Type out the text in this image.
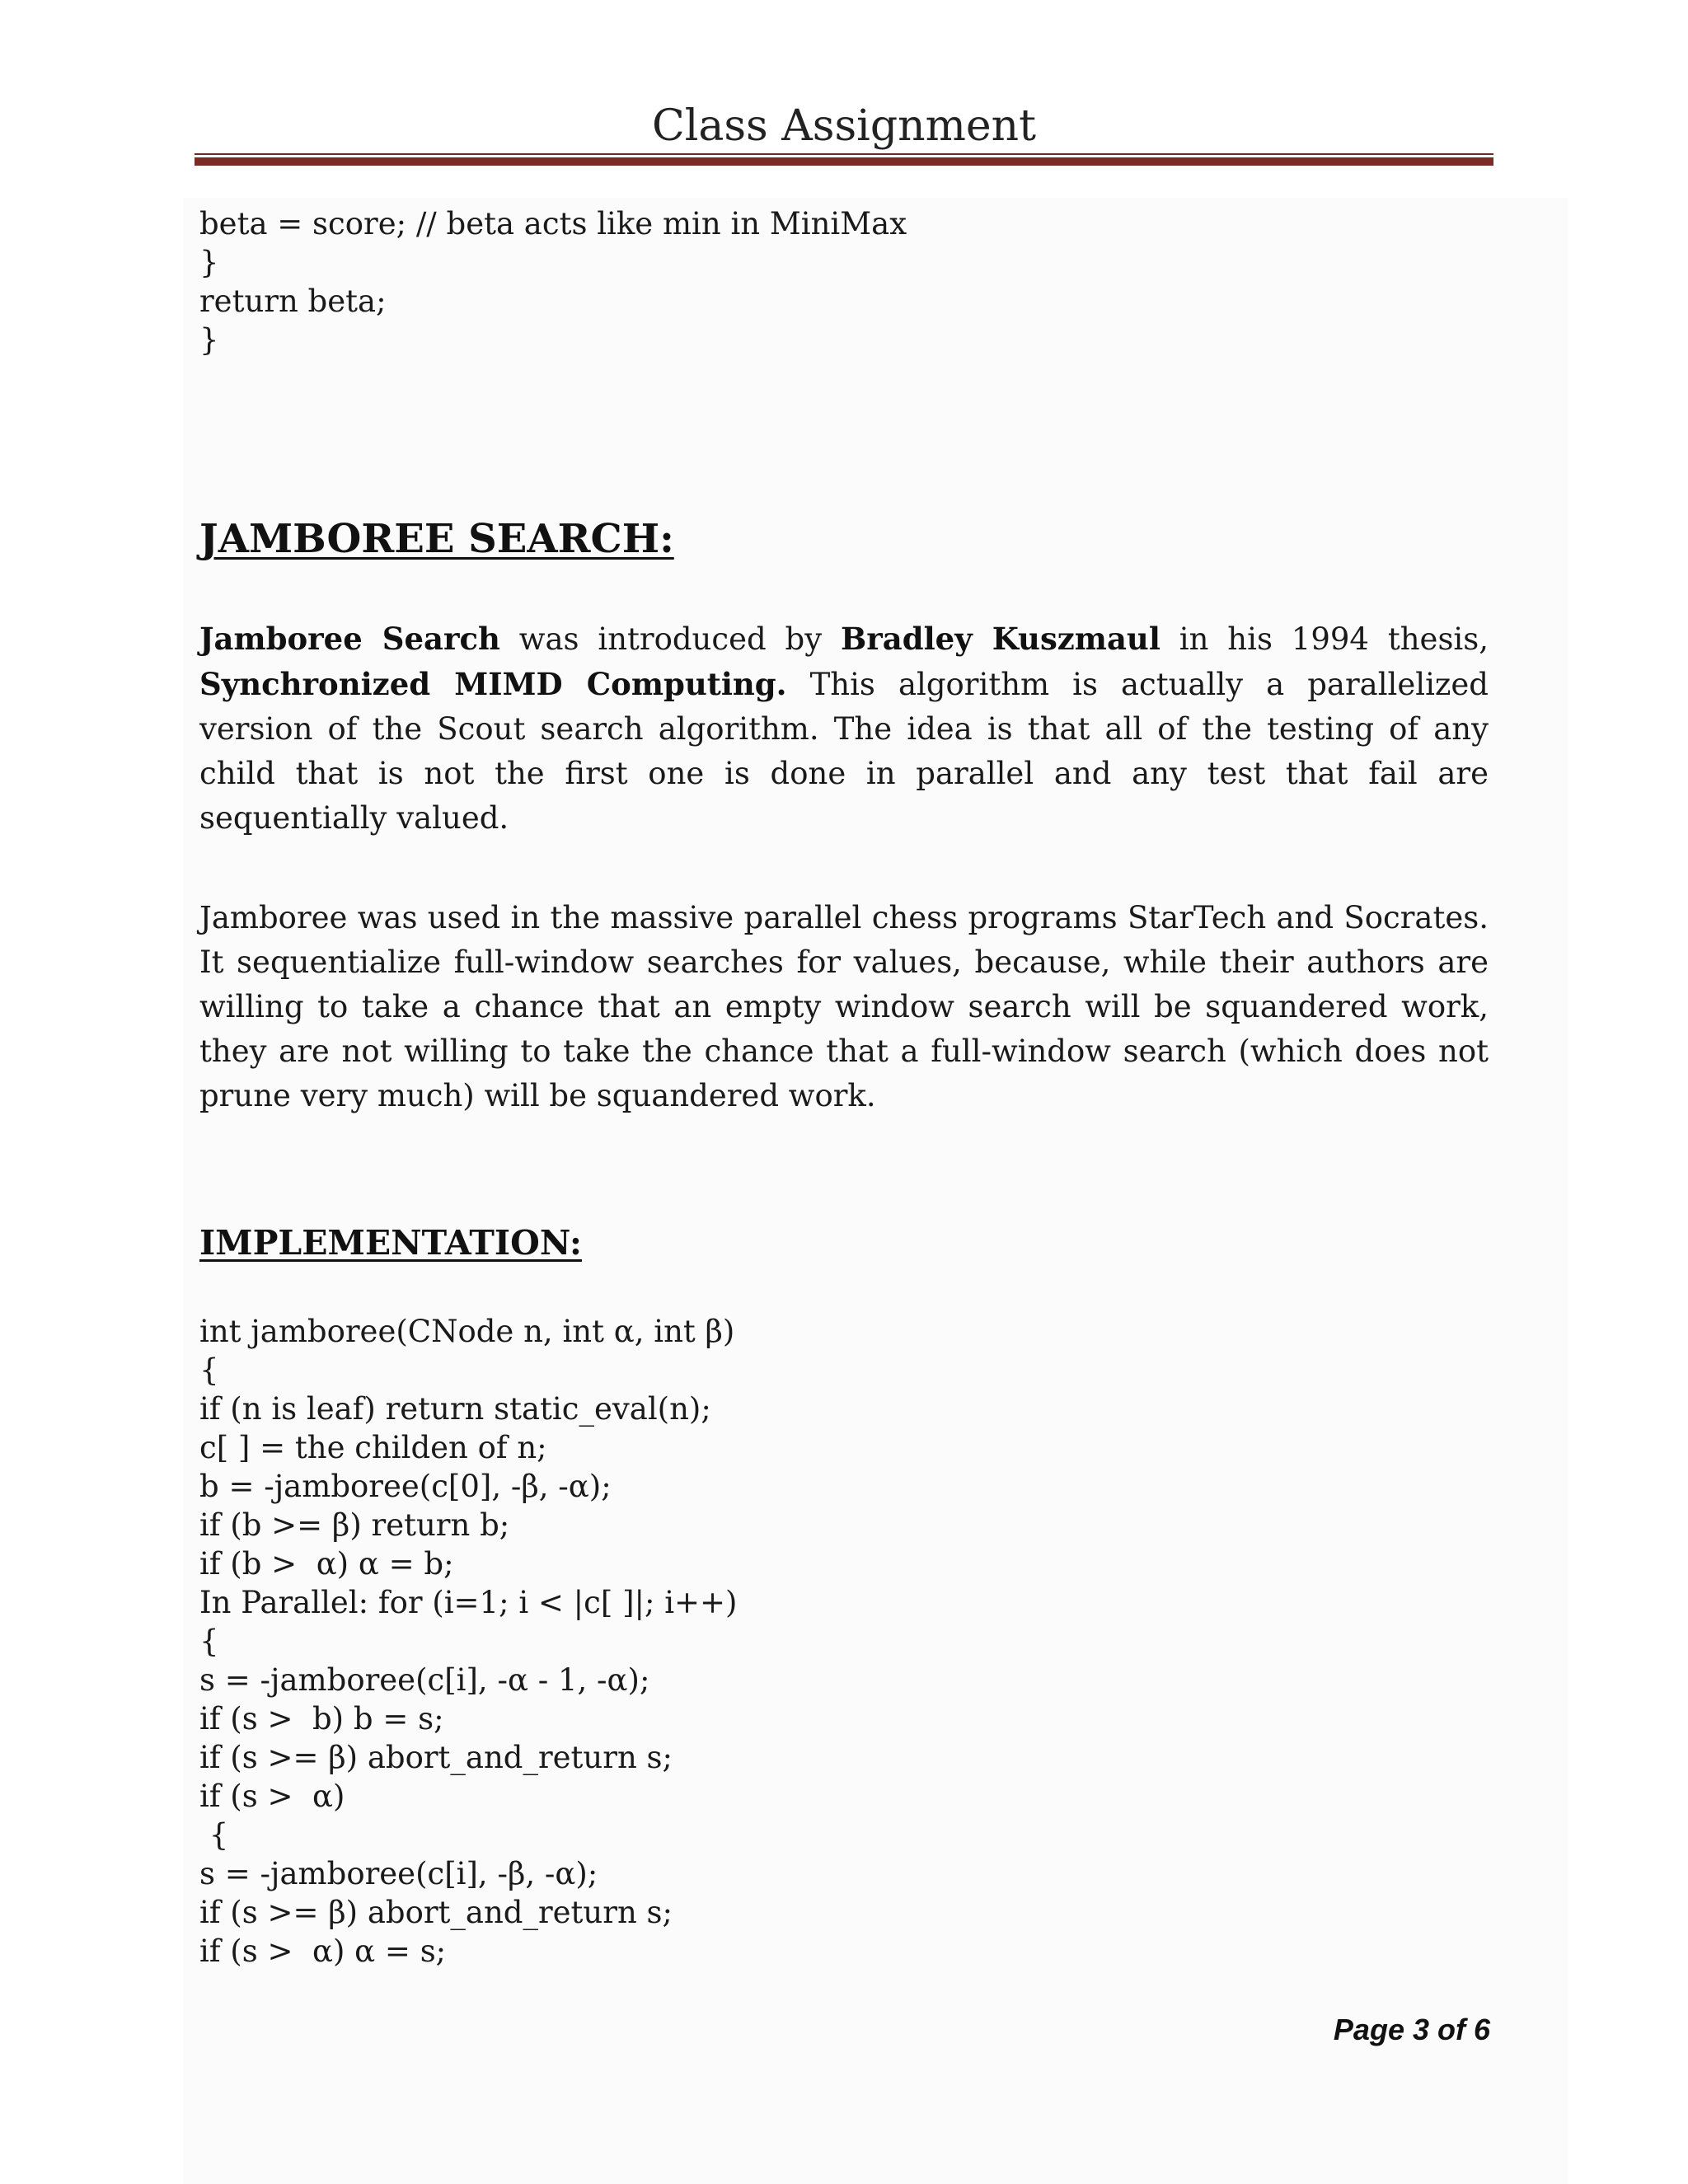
Class Assignment
beta = score; // beta acts like min in MiniMax
}
return beta;
}
JAMBOREE SEARCH:
Jamboree Search was introduced by Bradley Kuszmaul in his 1994 thesis, Synchronized MIMD Computing. This algorithm is actually a parallelized version of the Scout search algorithm. The idea is that all of the testing of any child that is not the first one is done in parallel and any test that fail are sequentially valued.
Jamboree was used in the massive parallel chess programs StarTech and Socrates. It sequentialize full-window searches for values, because, while their authors are willing to take a chance that an empty window search will be squandered work, they are not willing to take the chance that a full-window search (which does not prune very much) will be squandered work.
IMPLEMENTATION:
int jamboree(CNode n, int α, int β)
{
if (n is leaf) return static_eval(n);
c[ ] = the childen of n;
b = -jamboree(c[0], -β, -α);
if (b >= β) return b;
if (b >  α) α = b;
In Parallel: for (i=1; i < |c[ ]|; i++)
{
s = -jamboree(c[i], -α - 1, -α);
if (s >  b) b = s;
if (s >= β) abort_and_return s;
if (s >  α)
{
s = -jamboree(c[i], -β, -α);
if (s >= β) abort_and_return s;
if (s >  α) α = s;
Page 3 of 6
